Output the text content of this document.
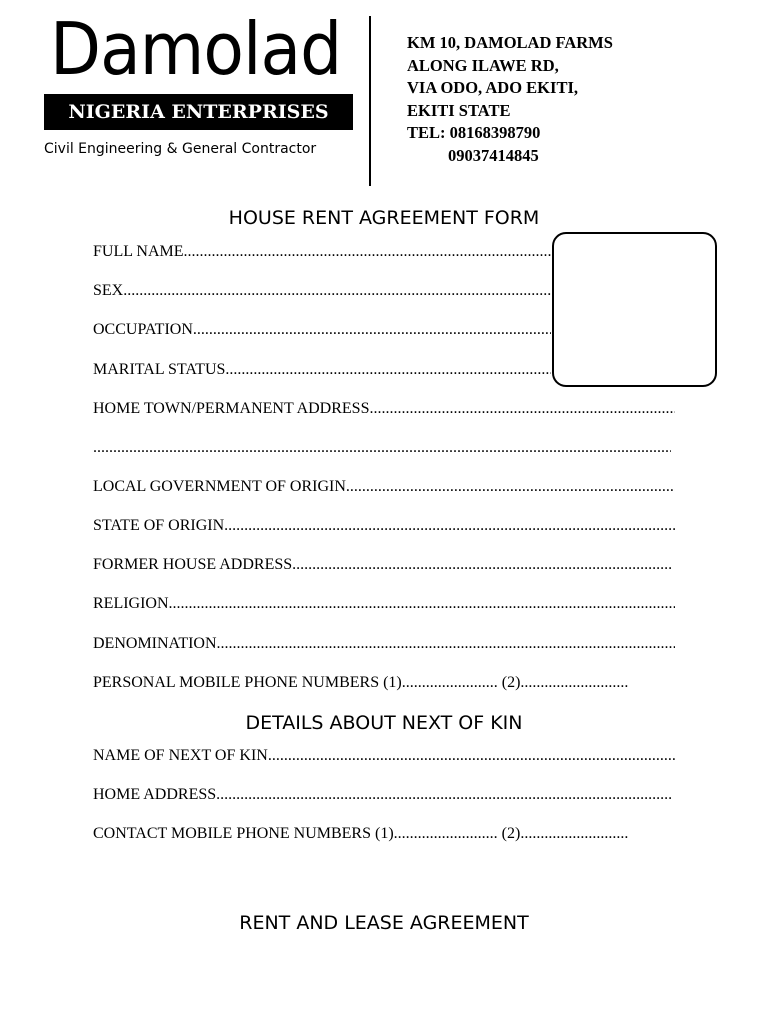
Damolad
NIGERIA ENTERPRISES
Civil Engineering & General Contractor
KM 10, DAMOLAD FARMS
ALONG ILAWE RD,
VIA ODO, ADO EKITI,
EKITI STATE
TEL: 08168398790
09037414845
HOUSE RENT AGREEMENT FORM
FULL NAME
.....
SEX
.....
OCCUPATION
.....
MARITAL STATUS
.....
HOME TOWN/PERMANENT ADDRESS
.....
.....
LOCAL GOVERNMENT OF ORIGIN
.....
STATE OF ORIGIN
.....
FORMER HOUSE ADDRESS
.....
RELIGION
.....
DENOMINATION
.....
PERSONAL MOBILE PHONE NUMBERS (1) .....	(2)
.....
DETAILS ABOUT NEXT OF KIN
NAME OF NEXT OF KIN
.....
HOME ADDRESS
.....
CONTACT MOBILE PHONE NUMBERS (1) .....	(2)
.....
RENT AND LEASE AGREEMENT
